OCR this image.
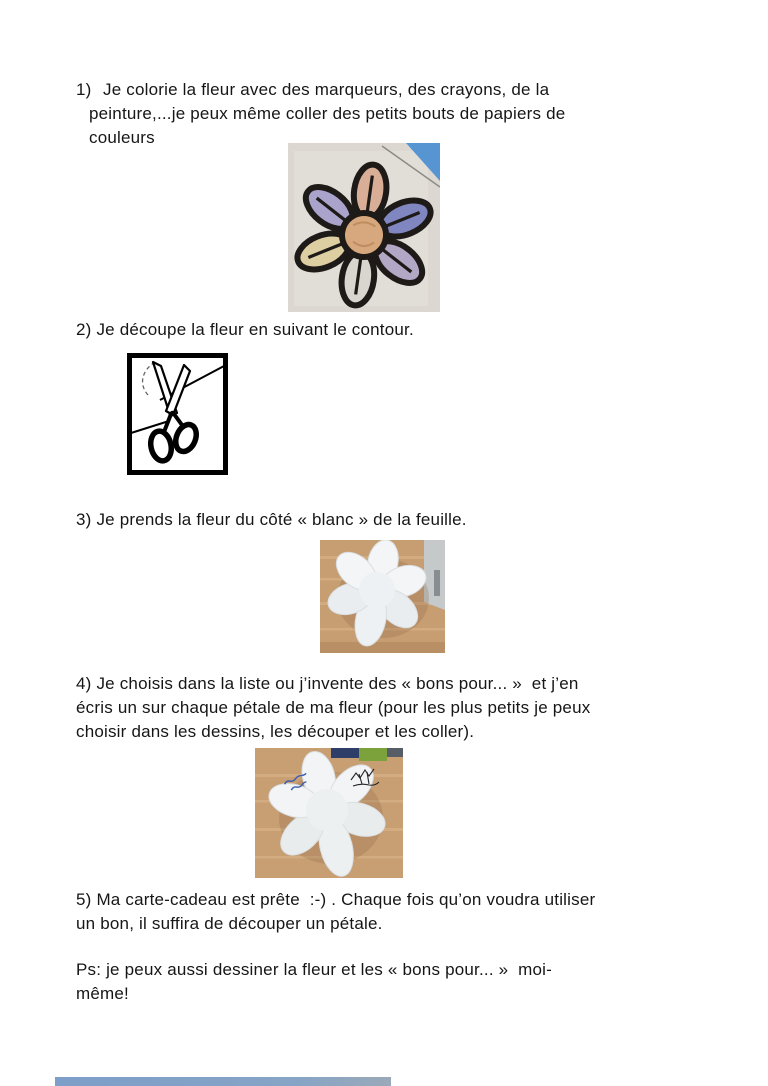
1) Je colorie la fleur avec des marqueurs, des crayons, de la
peinture,...je peux même coller des petits bouts de papiers de
couleurs
2) Je découpe la fleur en suivant le contour.
3) Je prends la fleur du côté « blanc » de la feuille.
4) Je choisis dans la liste ou j’invente des « bons pour... »  et j’en
écris un sur chaque pétale de ma fleur (pour les plus petits je peux
choisir dans les dessins, les découper et les coller).
5) Ma carte-cadeau est prête  :-) . Chaque fois qu’on voudra utiliser
un bon, il suffira de découper un pétale.
Ps: je peux aussi dessiner la fleur et les « bons pour... »  moi-
même!
